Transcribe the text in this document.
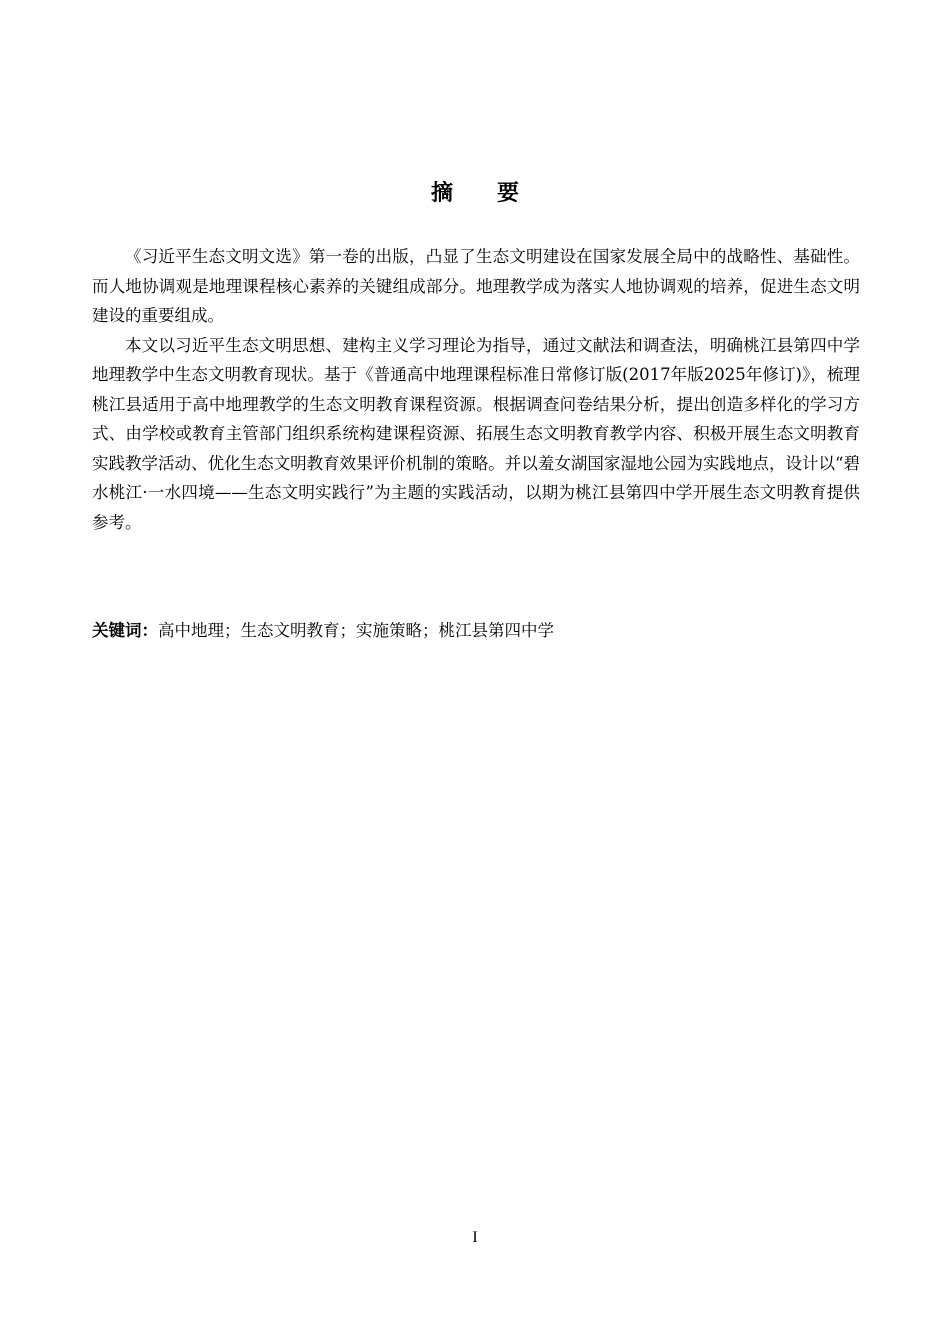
摘要

《习近平生态文明文选》第一卷的出版，凸显了生态文明建设在国家发展全局中的战略性、基础性。而人地协调观是地理课程核心素养的关键组成部分。地理教学成为落实人地协调观的培养，促进生态文明建设的重要组成。

本文以习近平生态文明思想、建构主义学习理论为指导，通过文献法和调查法，明确桃江县第四中学地理教学中生态文明教育现状。基于《普通高中地理课程标准日常修订版(2017年版2025年修订)》，梳理桃江县适用于高中地理教学的生态文明教育课程资源。根据调查问卷结果分析，提出创造多样化的学习方式、由学校或教育主管部门组织系统构建课程资源、拓展生态文明教育教学内容、积极开展生态文明教育实践教学活动、优化生态文明教育效果评价机制的策略。并以羞女湖国家湿地公园为实践地点，设计以“碧水桃江·一水四境——生态文明实践行”为主题的实践活动，以期为桃江县第四中学开展生态文明教育提供参考。

关键词：高中地理；生态文明教育；实施策略；桃江县第四中学
I
